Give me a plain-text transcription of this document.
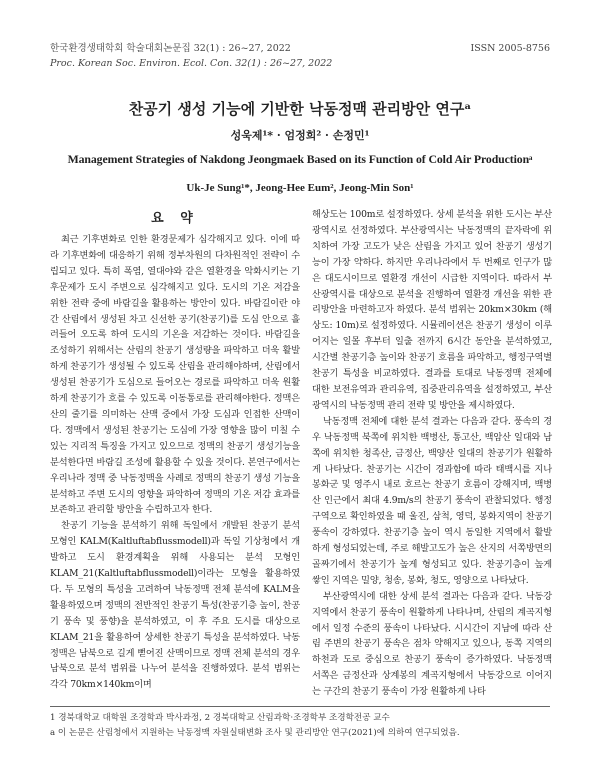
한국환경생태학회 학술대회논문집 32(1) : 26~27, 2022	ISSN 2005-8756
Proc. Korean Soc. Environ. Ecol. Con. 32(1) : 26~27, 2022
찬공기 생성 기능에 기반한 낙동정맥 관리방안 연구ᵃ
성욱제¹* · 엄정희² · 손정민¹
Management Strategies of Nakdong Jeongmaek Based on its Function of Cold Air Productionᵃ
Uk-Je Sung¹*, Jeong-Hee Eum², Jeong-Min Son¹
요 약

최근 기후변화로 인한 환경문제가 심각해지고 있다. 이에 따라 기후변화에 대응하기 위해 정부차원의 다차원적인 전략이 수립되고 있다. 특히 폭염, 열대야와 같은 열환경을 악화시키는 기후문제가 도시 주변으로 심각해지고 있다. 도시의 기온 저감을 위한 전략 중에 바람길을 활용하는 방안이 있다. 바람길이란 야간 산림에서 생성된 차고 신선한 공기(찬공기)를 도심 안으로 흘러들어 오도록 하여 도시의 기온을 저감하는 것이다. 바람길을 조성하기 위해서는 산림의 찬공기 생성량을 파악하고 더욱 활발하게 찬공기가 생성될 수 있도록 산림을 관리해야하며, 산림에서 생성된 찬공기가 도심으로 들어오는 경로를 파악하고 더욱 원활하게 찬공기가 흐를 수 있도록 이동통로를 관리해야한다. 정맥은 산의 줄기를 의미하는 산맥 중에서 가장 도심과 인접한 산맥이다. 정맥에서 생성된 찬공기는 도심에 가장 영향을 많이 미칠 수 있는 지리적 특징을 가지고 있으므로 정맥의 찬공기 생성기능을 분석한다면 바람길 조성에 활용할 수 있을 것이다. 본연구에서는 우리나라 정맥 중 낙동정맥을 사례로 정맥의 찬공기 생성 기능을 분석하고 주변 도시의 영향을 파악하여 정맥의 기온 저감 효과를 보존하고 관리할 방안을 수립하고자 한다.

찬공기 기능을 분석하기 위해 독일에서 개발된 찬공기 분석 모형인 KALM(Kaltluftabflussmodell)과 독일 기상청에서 개발하고 도시 환경계획을 위해 사용되는 분석 모형인 KLAM_21(Kaltluftabflussmodell)이라는 모형을 활용하였다. 두 모형의 특성을 고려하여 낙동정맥 전체 분석에 KALM을 활용하였으며 정맥의 전반적인 찬공기 특성(찬공기층 높이, 찬공기 풍속 및 풍향)을 분석하였고, 이 후 주요 도시를 대상으로 KLAM_21을 활용하여 상세한 찬공기 특성을 분석하였다. 낙동정맥은 남북으로 길게 뻗어진 산맥이므로 정맥 전체 분석의 경우 남북으로 분석 범위를 나누어 분석을 진행하였다. 분석 범위는 각각 70km×140km이며

해상도는 100m로 설정하였다. 상세 분석을 위한 도시는 부산광역시로 선정하였다. 부산광역시는 낙동정맥의 끝자락에 위치하여 가장 고도가 낮은 산림을 가지고 있어 찬공기 생성기능이 가장 약하다. 하지만 우리나라에서 두 번째로 인구가 많은 대도시이므로 열환경 개선이 시급한 지역이다. 따라서 부산광역시를 대상으로 분석을 진행하여 열환경 개선을 위한 관리방안을 마련하고자 하였다. 분석 범위는 20km×30km (해상도: 10m)로 설정하였다. 시뮬레이션은 찬공기 생성이 이루어지는 일몰 후부터 일출 전까지 6시간 동안을 분석하였고, 시간별 찬공기층 높이와 찬공기 흐름을 파악하고, 행정구역별 찬공기 특성을 비교하였다. 결과를 토대로 낙동정맥 전체에 대한 보전유역과 관리유역, 집중관리유역을 설정하였고, 부산광역시의 낙동정맥 관리 전략 및 방안을 제시하였다.

낙동정맥 전체에 대한 분석 결과는 다음과 같다. 풍속의 경우 낙동정맥 북쪽에 위치한 백병산, 통고산, 백암산 일대와 남쪽에 위치한 청족산, 금정산, 백양산 일대의 찬공기가 원활하게 나타났다. 찬공기는 시간이 경과함에 따라 태백시를 지나 봉화군 및 영주시 내로 흐르는 찬공기 흐름이 강해지며, 백병산 인근에서 최대 4.9m/s의 찬공기 풍속이 관찰되었다. 행정구역으로 확인하였을 때 울진, 삼척, 영덕, 봉화지역이 찬공기 풍속이 강하였다. 찬공기층 높이 역시 동일한 지역에서 활발하게 형성되었는데, 주로 해발고도가 높은 산지의 서쪽방면의 골짜기에서 찬공기가 높게 형성되고 있다. 찬공기층이 높게 쌓인 지역은 밀양, 청송, 봉화, 청도, 영양으로 나타났다.

부산광역시에 대한 상세 분석 결과는 다음과 같다. 낙동강 지역에서 찬공기 풍속이 원활하게 나타나며, 산림의 계곡지형에서 일정 수준의 풍속이 나타났다. 시시간이 지남에 따라 산림 주변의 찬공기 풍속은 점차 약해지고 있으나, 동쪽 지역의 하천과 도로 중심으로 찬공기 풍속이 증가하였다. 낙동정맥 서쪽은 금정산과 상계봉의 계곡지형에서 낙동강으로 이어지는 구간의 찬공기 풍속이 가장 원활하게 나타

1 경북대학교 대학원 조경학과 박사과정, 2 경북대학교 산림과학·조경학부 조경학전공 교수
a 이 논문은 산림청에서 지원하는 낙동정맥 자원실태변화 조사 및 관리방안 연구(2021)에 의하여 연구되었음.
